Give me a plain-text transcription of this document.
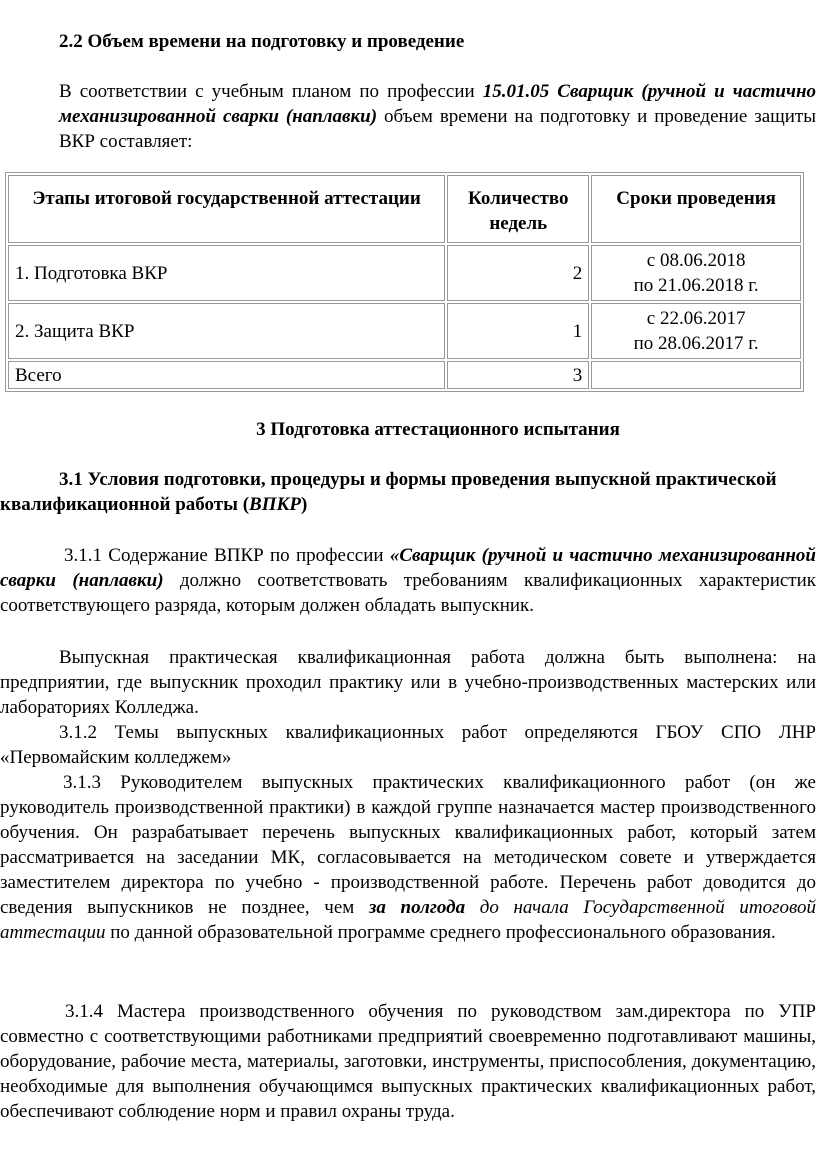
2.2 Объем времени на подготовку и проведение

В соответствии с учебным планом по профессии 15.01.05 Сварщик (ручной и частично механизированной сварки (наплавки) объем времени на подготовку и проведение защиты ВКР составляет:

Этапы итоговой государственной аттестации	Количество недель	Сроки проведения
1. Подготовка ВКР	2	с 08.06.2018
по 21.06.2018 г.
2. Защита ВКР	1	с 22.06.2017
по 28.06.2017 г.
Всего	3	

3 Подготовка аттестационного испытания

3.1 Условия подготовки, процедуры и формы проведения выпускной практической квалификационной работы (ВПКР)

3.1.1 Содержание ВПКР по профессии «Сварщик (ручной и частично механизированной сварки (наплавки) должно соответствовать требованиям квалификационных характеристик соответствующего разряда, которым должен обладать выпускник.

Выпускная практическая квалификационная работа должна быть выполнена: на предприятии, где выпускник проходил практику или в учебно-производственных мастерских или лабораториях Колледжа.

3.1.2 Темы выпускных квалификационных работ определяются ГБОУ СПО ЛНР «Первомайским колледжем»

3.1.3 Руководителем выпускных практических квалификационного работ (он же руководитель производственной практики) в каждой группе назначается мастер производственного обучения. Он разрабатывает перечень выпускных квалификационных работ, который затем рассматривается на заседании МК, согласовывается на методическом совете и утверждается заместителем директора по учебно - производственной работе. Перечень работ доводится до сведения выпускников не позднее, чем за полгода до начала Государственной итоговой аттестации по данной образовательной программе среднего профессионального образования.

3.1.4 Мастера производственного обучения по руководством зам.директора по УПР совместно с соответствующими работниками предприятий своевременно подготавливают машины, оборудование, рабочие места, материалы, заготовки, инструменты, приспособления, документацию, необходимые для выполнения обучающимся выпускных практических квалификационных работ, обеспечивают соблюдение норм и правил охраны труда.
